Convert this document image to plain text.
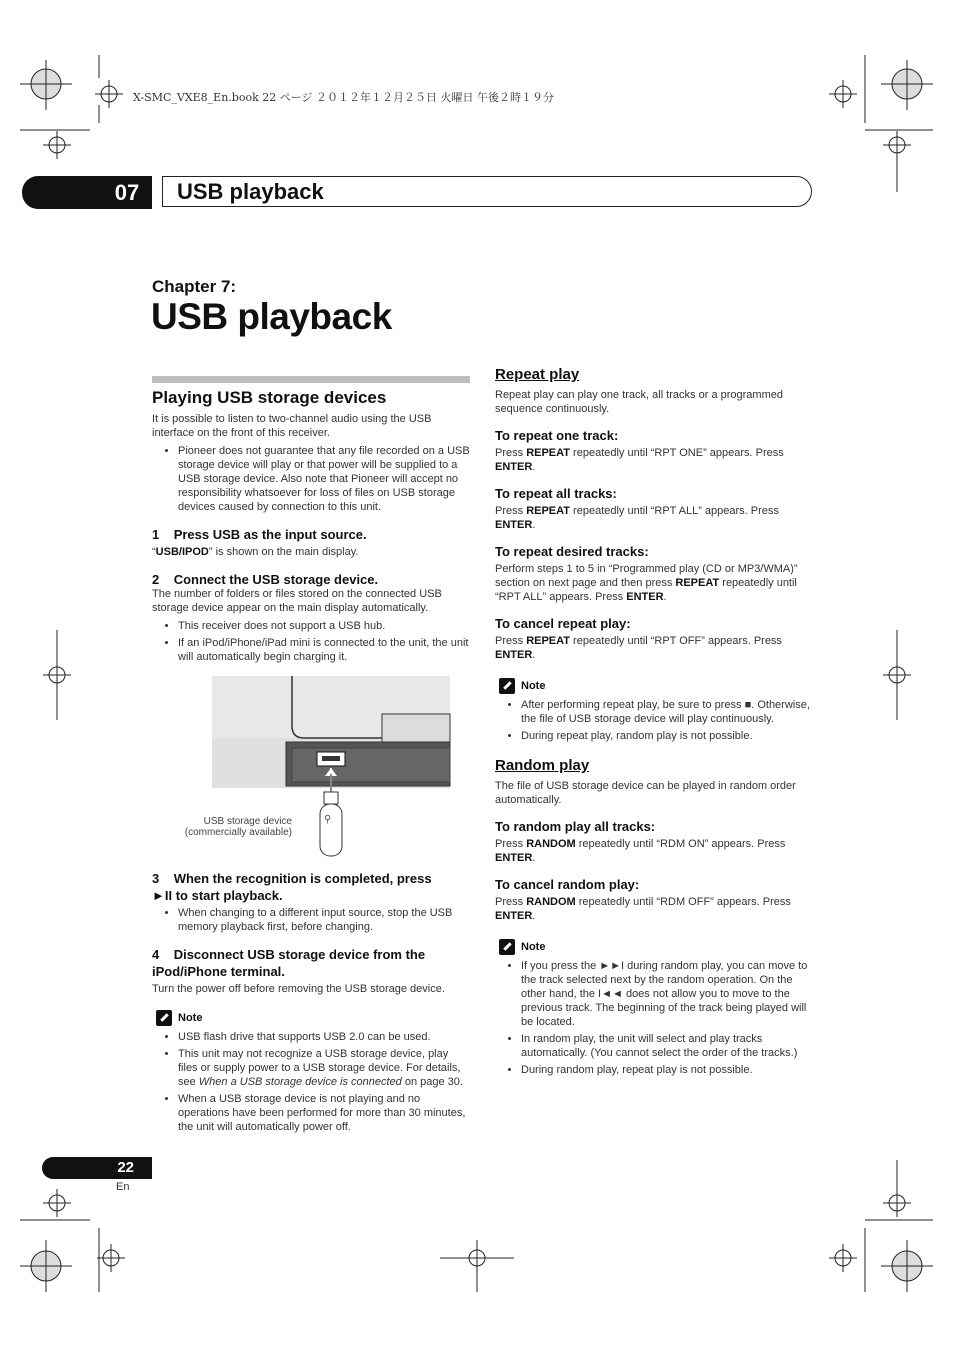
X-SMC_VXE8_En.book 22 ページ ２０１２年１２月２５日 火曜日 午後２時１９分
07	USB playback
Chapter 7:
USB playback
Playing USB storage devices

It is possible to listen to two-channel audio using the USB interface on the front of this receiver.

• Pioneer does not guarantee that any file recorded on a USB storage device will play or that power will be supplied to a USB storage device. Also note that Pioneer will accept no responsibility whatsoever for loss of files on USB storage devices caused by connection to this unit.
1 Press USB as the input source.

“USB/IPOD” is shown on the main display.

2 Connect the USB storage device.

The number of folders or files stored on the connected USB storage device appear on the main display automatically.

• This receiver does not support a USB hub.
• If an iPod/iPhone/iPad mini is connected to the unit, the unit will automatically begin charging it.
⚲
USB storage device
(commercially available)
3 When the recognition is completed, press
►II to start playback.
• When changing to a different input source, stop the USB memory playback first, before changing.
4 Disconnect USB storage device from the iPod/iPhone terminal.

Turn the power off before removing the USB storage device.

Note
• USB flash drive that supports USB 2.0 can be used.
• This unit may not recognize a USB storage device, play files or supply power to a USB storage device. For details, see When a USB storage device is connected on page 30.
• When a USB storage device is not playing and no operations have been performed for more than 30 minutes, the unit will automatically power off.
Repeat play

Repeat play can play one track, all tracks or a programmed sequence continuously.

To repeat one track:

Press REPEAT repeatedly until “RPT ONE” appears. Press ENTER.

To repeat all tracks:

Press REPEAT repeatedly until “RPT ALL” appears. Press ENTER.

To repeat desired tracks:

Perform steps 1 to 5 in “Programmed play (CD or MP3/WMA)” section on next page and then press REPEAT repeatedly until “RPT ALL” appears. Press ENTER.

To cancel repeat play:

Press REPEAT repeatedly until “RPT OFF” appears. Press ENTER.

Note
• After performing repeat play, be sure to press ■. Otherwise, the file of USB storage device will play continuously.
• During repeat play, random play is not possible.
Random play

The file of USB storage device can be played in random order automatically.

To random play all tracks:

Press RANDOM repeatedly until “RDM ON” appears. Press ENTER.

To cancel random play:

Press RANDOM repeatedly until “RDM OFF” appears. Press ENTER.

Note
• If you press the ►►I during random play, you can move to the track selected next by the random operation. On the other hand, the I◄◄ does not allow you to move to the previous track. The beginning of the track being played will be located.
• In random play, the unit will select and play tracks automatically. (You cannot select the order of the tracks.)
• During random play, repeat play is not possible.
22
En
